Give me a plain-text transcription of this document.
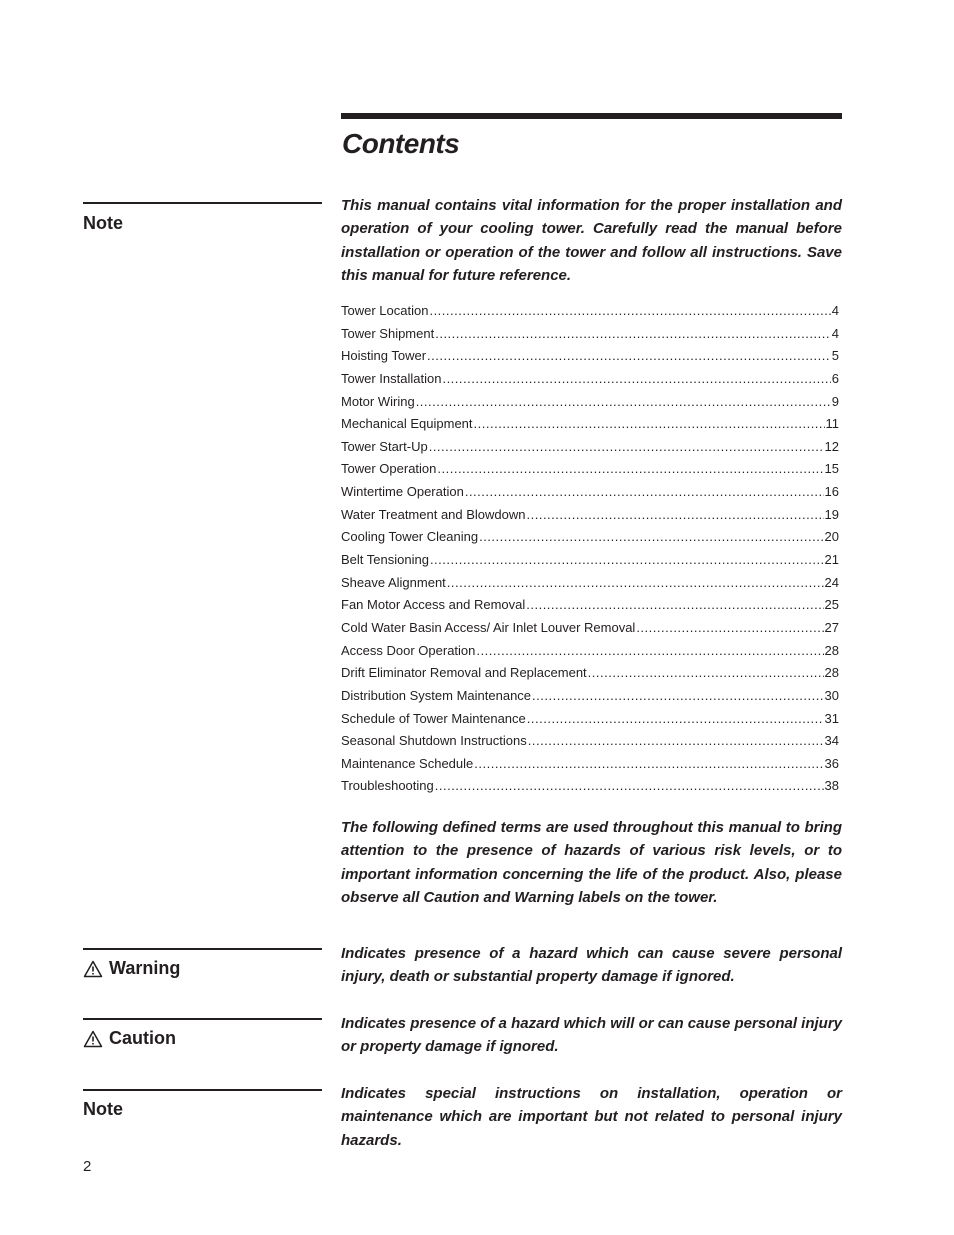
Contents

Note

This manual contains vital information for the proper installation and operation of your cooling tower. Carefully read the manual before installation or operation of the tower and follow all instructions. Save this manual for future reference.

Tower Location .....	4
Tower Shipment .....	4
Hoisting Tower .....	5
Tower Installation .....	6
Motor Wiring .....	9
Mechanical Equipment .....	11
Tower Start-Up .....	12
Tower Operation .....	15
Wintertime Operation .....	16
Water Treatment and Blowdown .....	19
Cooling Tower Cleaning .....	20
Belt Tensioning .....	21
Sheave Alignment .....	24
Fan Motor Access and Removal .....	25
Cold Water Basin Access/ Air Inlet Louver Removal .....	27
Access Door Operation .....	28
Drift Eliminator Removal and Replacement .....	28
Distribution System Maintenance .....	30
Schedule of Tower Maintenance .....	31
Seasonal Shutdown Instructions .....	34
Maintenance Schedule .....	36
Troubleshooting .....	38

The following defined terms are used throughout this manual to bring attention to the presence of hazards of various risk levels, or to important information concerning the life of the product. Also, please observe all Caution and Warning labels on the tower.

Warning

Indicates presence of a hazard which can cause severe personal injury, death or substantial property damage if ignored.

Caution

Indicates presence of a hazard which will or can cause personal injury or property damage if ignored.

Note

Indicates special instructions on installation, operation or maintenance which are important but not related to personal injury hazards.

2
